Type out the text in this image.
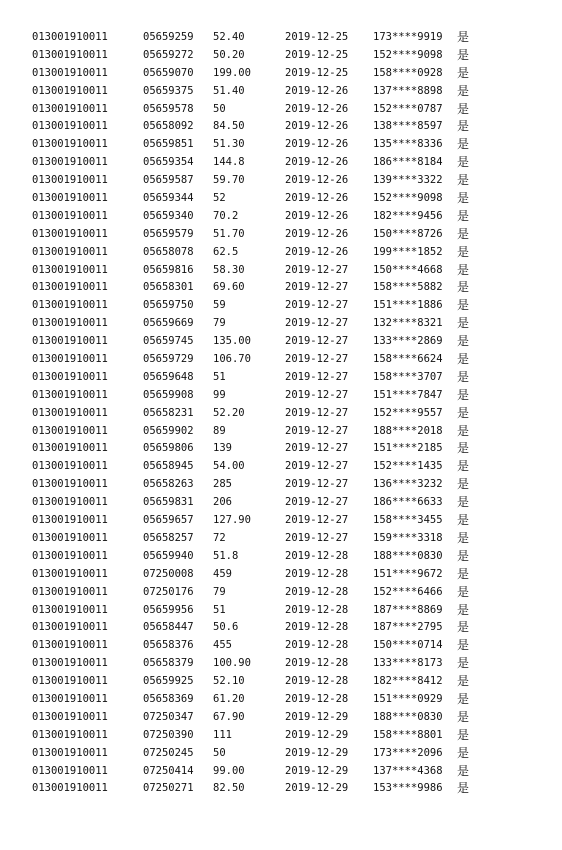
013001910011	05659259 52.40	2019-12-25 173****9919 是
013001910011	05659272 50.20	2019-12-25 152****9098 是
013001910011	05659070 199.00	2019-12-25 158****0928 是
013001910011	05659375 51.40	2019-12-26 137****8898 是
013001910011	05659578 50	2019-12-26 152****0787 是
013001910011	05658092 84.50	2019-12-26 138****8597 是
013001910011	05659851 51.30	2019-12-26 135****8336 是
013001910011	05659354 144.8	2019-12-26 186****8184 是
013001910011	05659587 59.70	2019-12-26 139****3322 是
013001910011	05659344 52	2019-12-26 152****9098 是
013001910011	05659340 70.2	2019-12-26 182****9456 是
013001910011	05659579 51.70	2019-12-26 150****8726 是
013001910011	05658078 62.5	2019-12-26 199****1852 是
013001910011	05659816 58.30	2019-12-27 150****4668 是
013001910011	05658301 69.60	2019-12-27 158****5882 是
013001910011	05659750 59	2019-12-27 151****1886 是
013001910011	05659669 79	2019-12-27 132****8321 是
013001910011	05659745 135.00	2019-12-27 133****2869 是
013001910011	05659729 106.70	2019-12-27 158****6624 是
013001910011	05659648 51	2019-12-27 158****3707 是
013001910011	05659908 99	2019-12-27 151****7847 是
013001910011	05658231 52.20	2019-12-27 152****9557 是
013001910011	05659902 89	2019-12-27 188****2018 是
013001910011	05659806 139	2019-12-27 151****2185 是
013001910011	05658945 54.00	2019-12-27 152****1435 是
013001910011	05658263 285	2019-12-27 136****3232 是
013001910011	05659831 206	2019-12-27 186****6633 是
013001910011	05659657 127.90	2019-12-27 158****3455 是
013001910011	05658257 72	2019-12-27 159****3318 是
013001910011	05659940 51.8	2019-12-28 188****0830 是
013001910011	07250008 459	2019-12-28 151****9672 是
013001910011	07250176 79	2019-12-28 152****6466 是
013001910011	05659956 51	2019-12-28 187****8869 是
013001910011	05658447 50.6	2019-12-28 187****2795 是
013001910011	05658376 455	2019-12-28 150****0714 是
013001910011	05658379 100.90	2019-12-28 133****8173 是
013001910011	05659925 52.10	2019-12-28 182****8412 是
013001910011	05658369 61.20	2019-12-28 151****0929 是
013001910011	07250347 67.90	2019-12-29 188****0830 是
013001910011	07250390 111	2019-12-29 158****8801 是
013001910011	07250245 50	2019-12-29 173****2096 是
013001910011	07250414 99.00	2019-12-29 137****4368 是
013001910011	07250271 82.50	2019-12-29 153****9986 是
